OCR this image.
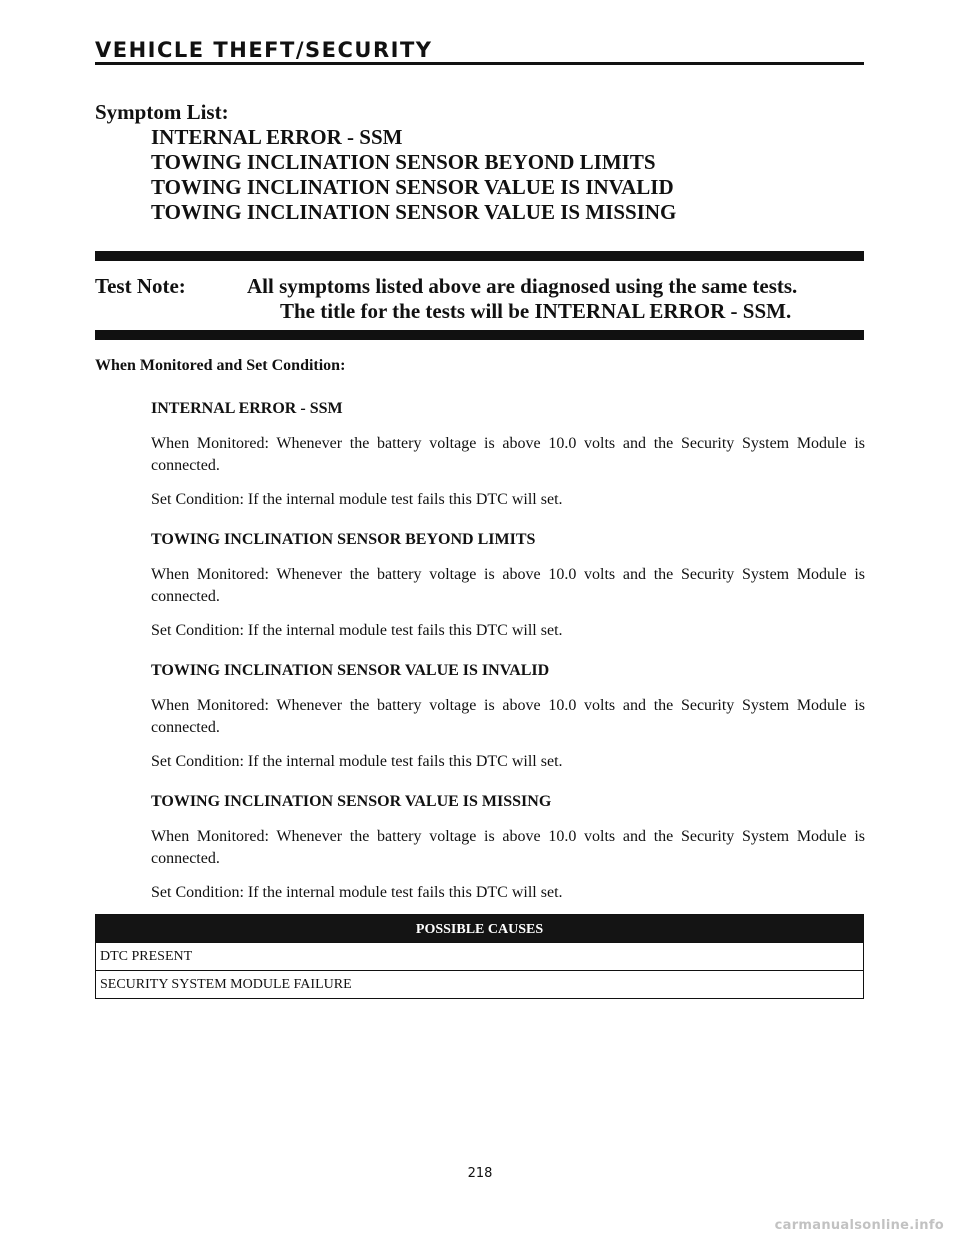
VEHICLE THEFT/SECURITY
Symptom List:
INTERNAL ERROR - SSM
TOWING INCLINATION SENSOR BEYOND LIMITS
TOWING INCLINATION SENSOR VALUE IS INVALID
TOWING INCLINATION SENSOR VALUE IS MISSING
Test Note:	All symptoms listed above are diagnosed using the same tests.
The title for the tests will be INTERNAL ERROR - SSM.
When Monitored and Set Condition:
INTERNAL ERROR - SSM
When Monitored: Whenever the battery voltage is above 10.0 volts and the Security System Module is connected.
Set Condition: If the internal module test fails this DTC will set.
TOWING INCLINATION SENSOR BEYOND LIMITS
When Monitored: Whenever the battery voltage is above 10.0 volts and the Security System Module is connected.
Set Condition: If the internal module test fails this DTC will set.
TOWING INCLINATION SENSOR VALUE IS INVALID
When Monitored: Whenever the battery voltage is above 10.0 volts and the Security System Module is connected.
Set Condition: If the internal module test fails this DTC will set.
TOWING INCLINATION SENSOR VALUE IS MISSING
When Monitored: Whenever the battery voltage is above 10.0 volts and the Security System Module is connected.
Set Condition: If the internal module test fails this DTC will set.
POSSIBLE CAUSES
DTC PRESENT
SECURITY SYSTEM MODULE FAILURE
218
carmanualsonline.info
